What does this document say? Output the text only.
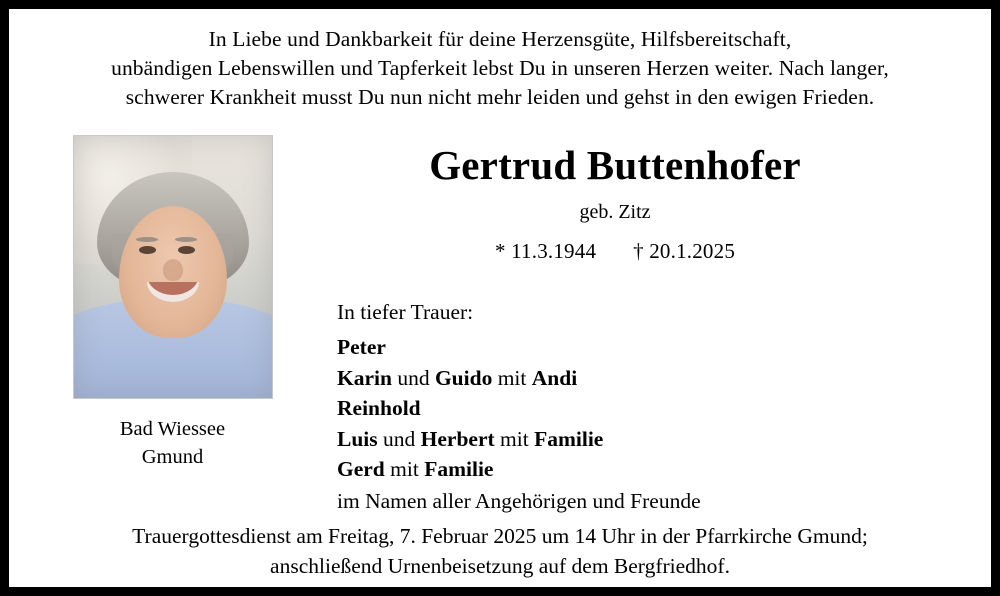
In Liebe und Dankbarkeit für deine Herzensgüte, Hilfsbereitschaft,
unbändigen Lebenswillen und Tapferkeit lebst Du in unseren Herzen weiter. Nach langer,
schwerer Krankheit musst Du nun nicht mehr leiden und gehst in den ewigen Frieden.
Bad Wiessee
Gmund
Gertrud Buttenhofer
geb. Zitz
* 11.3.1944 † 20.1.2025
In tiefer Trauer:
Peter
Karin und Guido mit Andi
Reinhold
Luis und Herbert mit Familie
Gerd mit Familie
im Namen aller Angehörigen und Freunde
Trauergottesdienst am Freitag, 7. Februar 2025 um 14 Uhr in der Pfarrkirche Gmund;
anschließend Urnenbeisetzung auf dem Bergfriedhof.
